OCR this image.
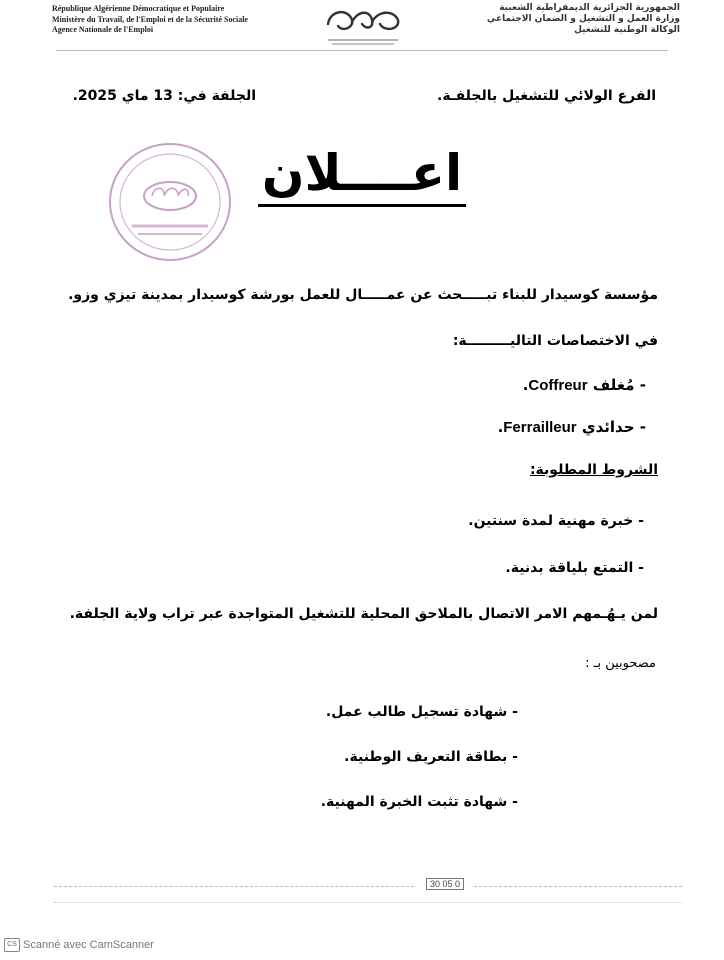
République Algérienne Démocratique et Populaire
Ministère du Travail, de l'Emploi et de la Sécurité Sociale
Agence Nationale de l'Emploi
الجمهورية الجزائرية الديمقراطية الشعبية
وزارة العمل و التشغيل و الضمان الاجتماعي
الوكالة الوطنية للتشغيل
الفرع الولائي للتشغيل بالجلفـة.
الجلفة في: 13 ماي 2025.
اعــــلان
مؤسسة كوسيدار للبناء تبـــــحث عن عمـــــال للعمل بورشة كوسيدار بمدينة تيزي وزو.
في الاختصاصات التاليـــــــــة:
- مُغلف Coffreur.
- حدائدي Ferrailleur.
الشروط المطلوبة:
- خبرة مهنية لمدة سنتين.
- التمتع بلياقة بدنية.
لمن يـهُـمهم الامر الاتصال بالملاحق المحلية للتشغيل المتواجدة عبر تراب ولاية الجلفة.
مصحوبين بـ :
- شهادة تسجيل طالب عمل.
- بطاقة التعريف الوطنية.
- شهادة تثبت الخبرة المهنية.
30 05 0
CS Scanné avec CamScanner
